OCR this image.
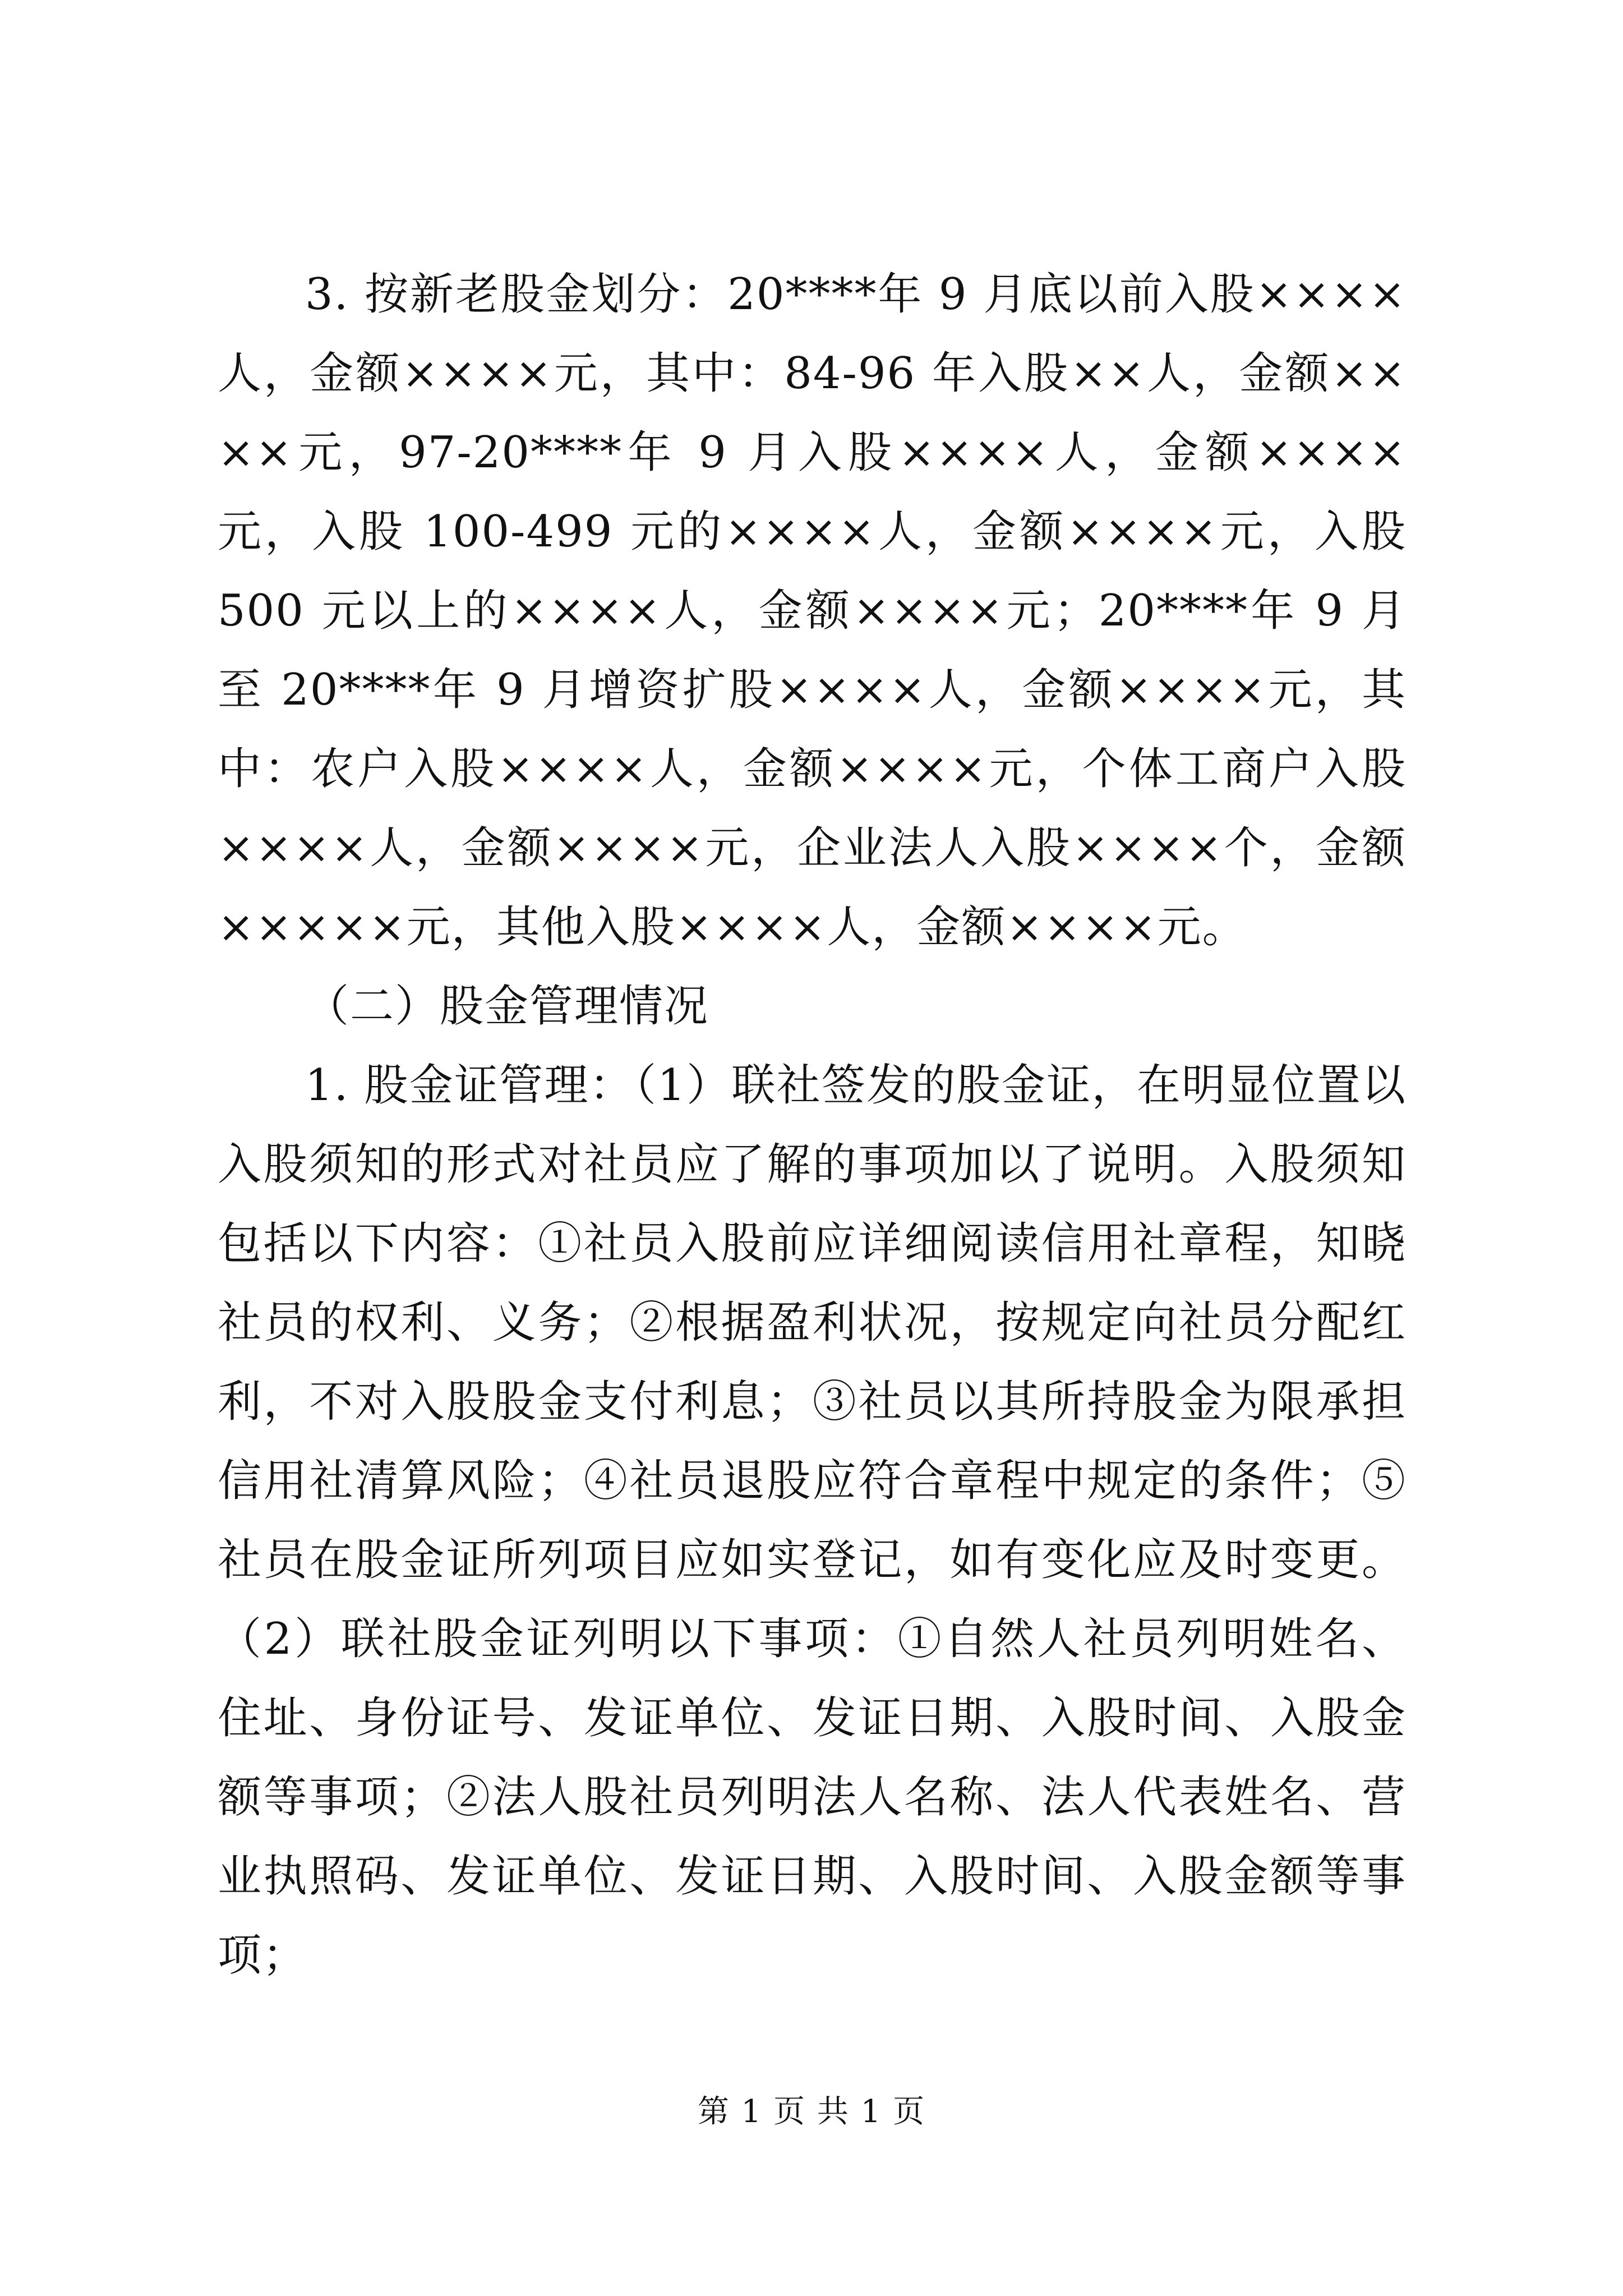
3. 按新老股金划分：20****年 9 月底以前入股××××人，金额××××元，其中：84-96 年入股××人，金额××××元，97-20****年 9 月入股××××人，金额××××元，入股 100-499 元的××××人，金额××××元，入股 500 元以上的××××人，金额××××元；20****年 9 月至 20****年 9 月增资扩股××××人，金额××××元，其中：农户入股××××人，金额××××元，个体工商户入股××××人，金额××××元，企业法人入股××××个，金额×××××元，其他入股××××人，金额××××元。

（二）股金管理情况

1. 股金证管理：（1）联社签发的股金证，在明显位置以入股须知的形式对社员应了解的事项加以了说明。入股须知包括以下内容：①社员入股前应详细阅读信用社章程，知晓社员的权利、义务；②根据盈利状况，按规定向社员分配红利，不对入股股金支付利息；③社员以其所持股金为限承担信用社清算风险；④社员退股应符合章程中规定的条件；⑤社员在股金证所列项目应如实登记，如有变化应及时变更。（2）联社股金证列明以下事项：①自然人社员列明姓名、住址、身份证号、发证单位、发证日期、入股时间、入股金额等事项；②法人股社员列明法人名称、法人代表姓名、营业执照码、发证单位、发证日期、入股时间、入股金额等事项；

第 1 页 共 1 页
